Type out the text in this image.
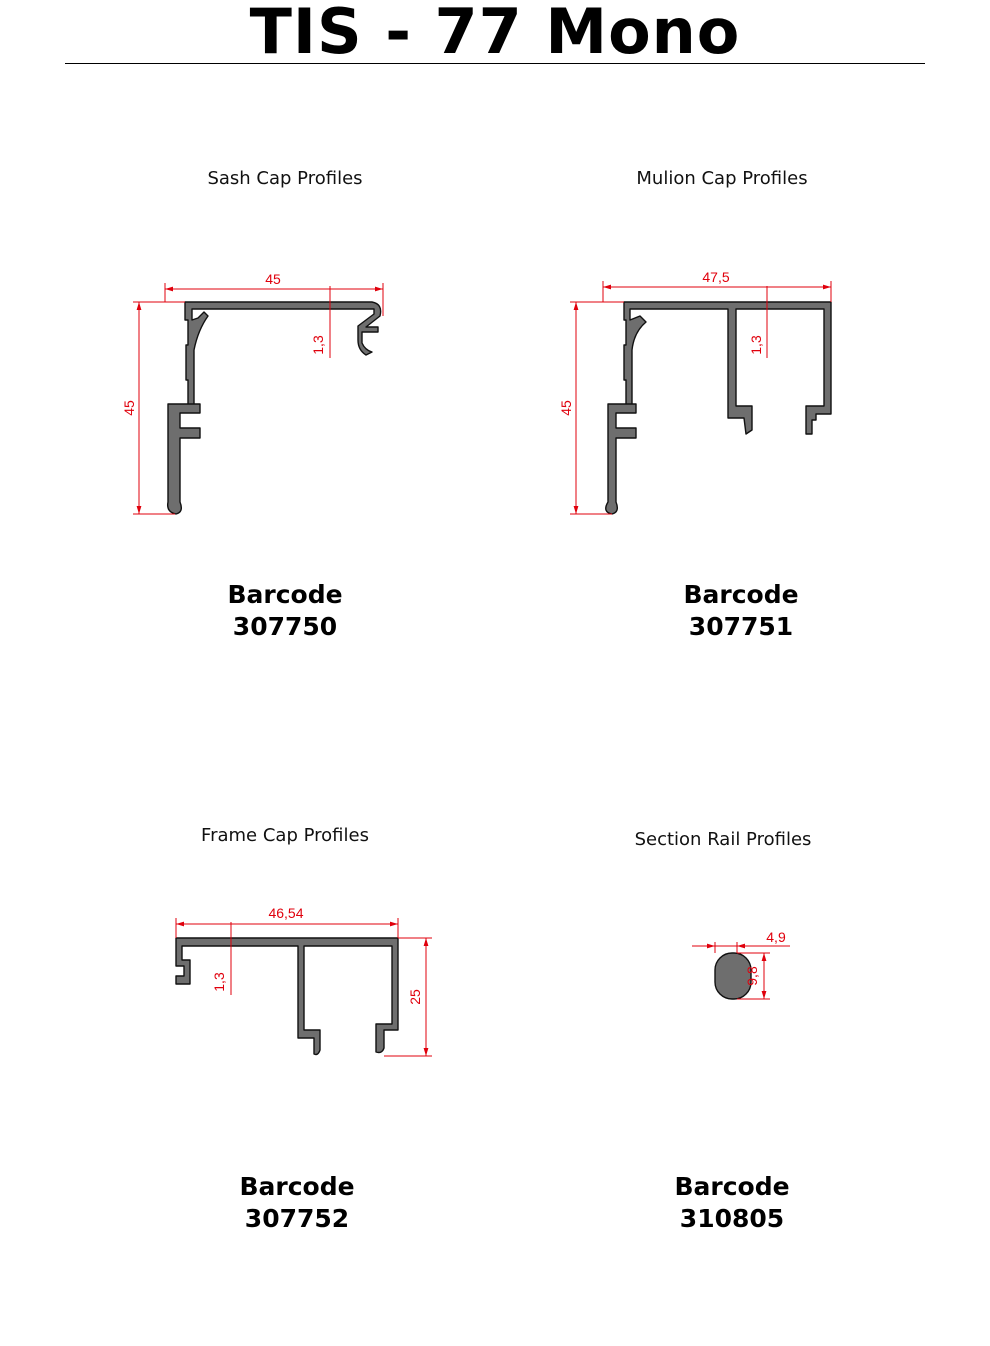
TIS - 77 Mono
Sash Cap Profiles	Mulion Cap Profiles
Frame Cap Profiles	Section Rail Profiles
45
45
1,3
47,5
45
1,3
46,54
1,3
25
4,9
9,8
Barcode
307750
Barcode
307751
Barcode
307752
Barcode
310805
